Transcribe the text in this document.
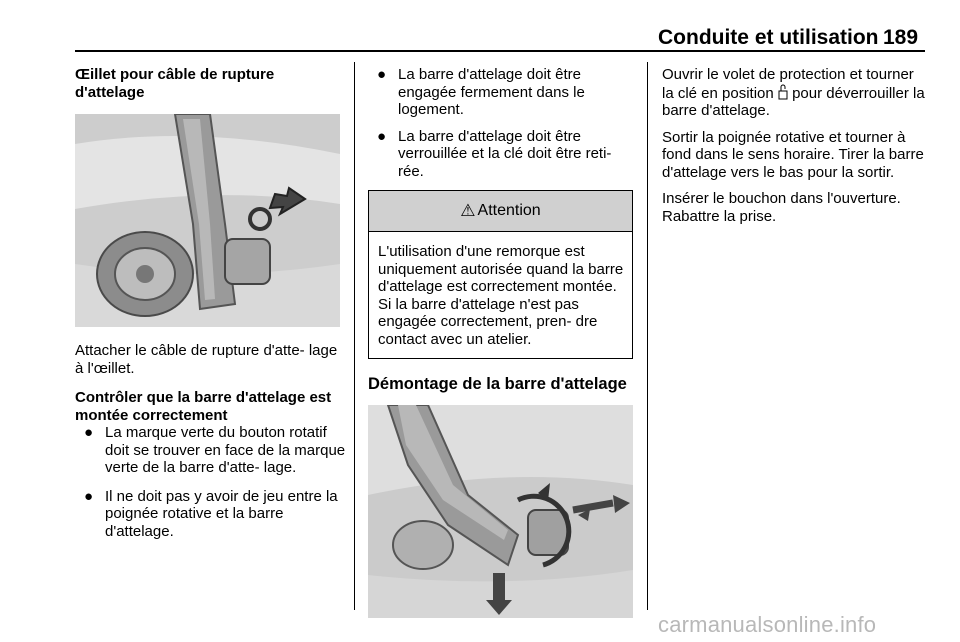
Conduite et utilisation 189

Œillet pour câble de rupture d'attelage

Attacher le câble de rupture d'atte- lage à l'œillet.

Contrôler que la barre d'attelage est montée correctement

● La marque verte du bouton rotatif doit se trouver en face de la marque verte de la barre d'atte- lage.
● Il ne doit pas y avoir de jeu entre la poignée rotative et la barre d'attelage.
● La barre d'attelage doit être engagée fermement dans le logement.
● La barre d'attelage doit être verrouillée et la clé doit être reti- rée.
⚠ Attention

L'utilisation d'une remorque est uniquement autorisée quand la barre d'attelage est correctement montée. Si la barre d'attelage n'est pas engagée correctement, pren- dre contact avec un atelier.

Démontage de la barre d'attelage

Ouvrir le volet de protection et tourner la clé en position pour déverrouiller la barre d'attelage.

Sortir la poignée rotative et tourner à fond dans le sens horaire. Tirer la barre d'attelage vers le bas pour la sortir.

Insérer le bouchon dans l'ouverture. Rabattre la prise.

carmanualsonline.info
